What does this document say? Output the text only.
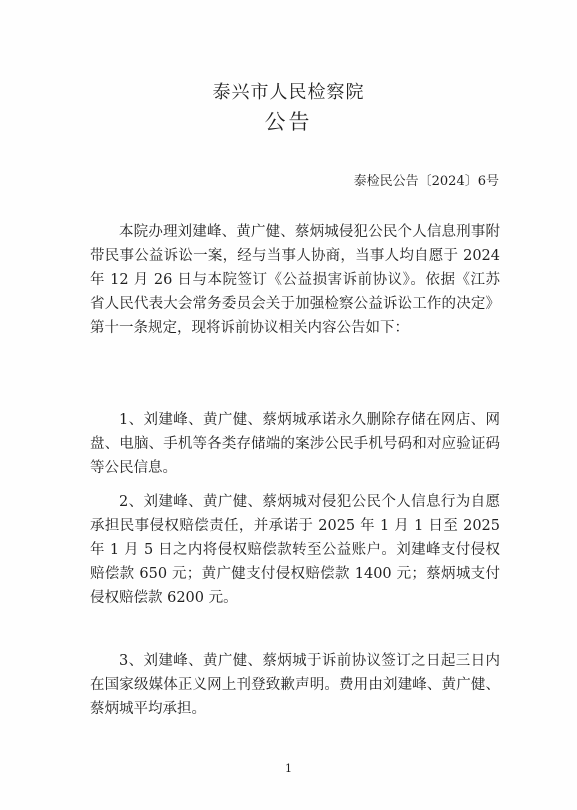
泰兴市人民检察院
公告
泰检民公告〔2024〕6号
本院办理刘建峰、黄广健、蔡炳城侵犯公民个人信息刑事附带民事公益诉讼一案，经与当事人协商，当事人均自愿于 2024 年 12 月 26 日与本院签订《公益损害诉前协议》。依据《江苏省人民代表大会常务委员会关于加强检察公益诉讼工作的决定》第十一条规定，现将诉前协议相关内容公告如下：
1、刘建峰、黄广健、蔡炳城承诺永久删除存储在网店、网盘、电脑、手机等各类存储端的案涉公民手机号码和对应验证码等公民信息。
2、刘建峰、黄广健、蔡炳城对侵犯公民个人信息行为自愿承担民事侵权赔偿责任，并承诺于 2025 年 1 月 1 日至 2025 年 1 月 5 日之内将侵权赔偿款转至公益账户。刘建峰支付侵权赔偿款 650 元；黄广健支付侵权赔偿款 1400 元；蔡炳城支付侵权赔偿款 6200 元。
3、刘建峰、黄广健、蔡炳城于诉前协议签订之日起三日内在国家级媒体正义网上刊登致歉声明。费用由刘建峰、黄广健、蔡炳城平均承担。
1
